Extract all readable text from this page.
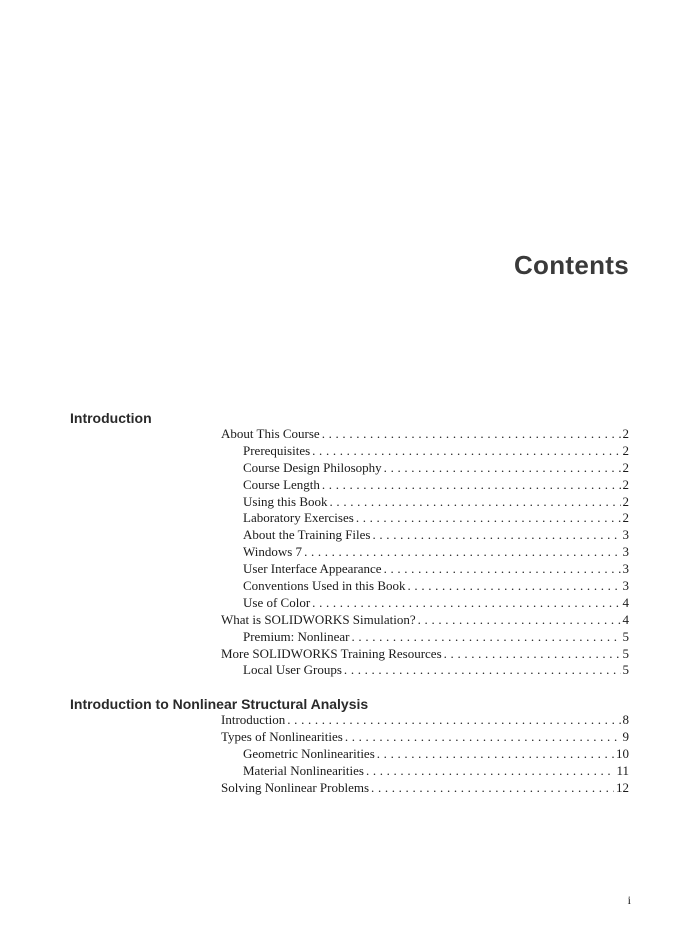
Contents
Introduction
About This Course . . .	2
Prerequisites . . .	2
Course Design Philosophy . . .	2
Course Length . . .	2
Using this Book . . .	2
Laboratory Exercises . . .	2
About the Training Files . . .	3
Windows 7 . . .	3
User Interface Appearance . . .	3
Conventions Used in this Book . . .	3
Use of Color . . .	4
What is SOLIDWORKS Simulation? . . .	4
Premium: Nonlinear . . .	5
More SOLIDWORKS Training Resources . . .	5
Local User Groups . . .	5
Introduction to Nonlinear Structural Analysis
Introduction . . .	8
Types of Nonlinearities . . .	9
Geometric Nonlinearities . . .	10
Material Nonlinearities . . .	11
Solving Nonlinear Problems . . .	12
i
